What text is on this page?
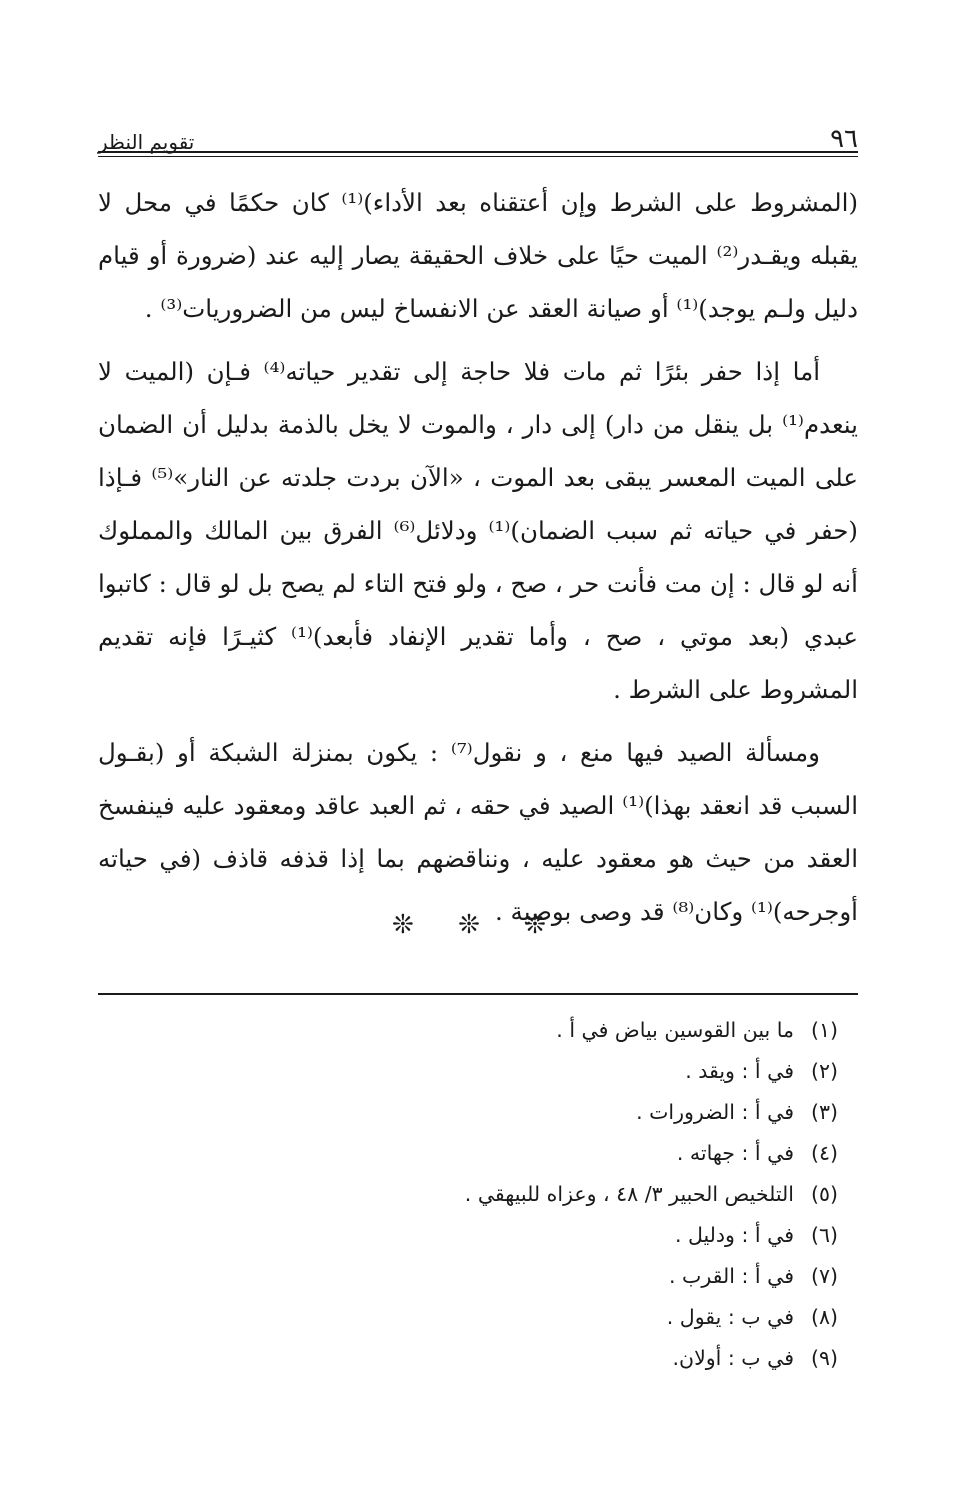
٩٦
تقويم النظر

(المشروط على الشرط وإن أعتقناه بعد الأداء)⁽¹⁾ كان حكمًا في محل لا يقبله ويقـدر⁽²⁾ الميت حيًا على خلاف الحقيقة يصار إليه عند (ضرورة أو قيام دليل ولـم يوجد)⁽¹⁾ أو صيانة العقد عن الانفساخ ليس من الضروريات⁽³⁾ .

أما إذا حفر بئرًا ثم مات فلا حاجة إلى تقدير حياته⁽⁴⁾ فـإن (الميت لا ينعدم⁽¹⁾ بل ينقل من دار) إلى دار ، والموت لا يخل بالذمة بدليل أن الضمان على الميت المعسر يبقى بعد الموت ، «الآن بردت جلدته عن النار»⁽⁵⁾ فـإذا (حفر في حياته ثم سبب الضمان)⁽¹⁾ ودلائل⁽⁶⁾ الفرق بين المالك والمملوك أنه لو قال : إن مت فأنت حر ، صح ، ولو فتح التاء لم يصح بل لو قال : كاتبوا عبدي (بعد موتي ، صح ، وأما تقدير الإنفاد فأبعد)⁽¹⁾ كثيـرًا فإنه تقديم المشروط على الشرط .

ومسألة الصيد فيها منع ، و نقول⁽⁷⁾ : يكون بمنزلة الشبكة أو (بقـول السبب قد انعقد بهذا)⁽¹⁾ الصيد في حقه ، ثم العبد عاقد ومعقود عليه فينفسخ العقد من حيث هو معقود عليه ، ونناقضهم بما إذا قذفه قاذف (في حياته أوجرحه)⁽¹⁾ وكان⁽⁸⁾ قد وصى بوصية .

❊ ❊ ❊
(١)ما بين القوسين بياض في أ .
(٢)في أ : ويقد .
(٣)في أ : الضرورات .
(٤)في أ : جهاته .
(٥)التلخيص الحبير ٣/ ٤٨ ، وعزاه للبيهقي .
(٦)في أ : ودليل .
(٧)في أ : القرب .
(٨)في ب : يقول .
(٩)في ب : أولان.
